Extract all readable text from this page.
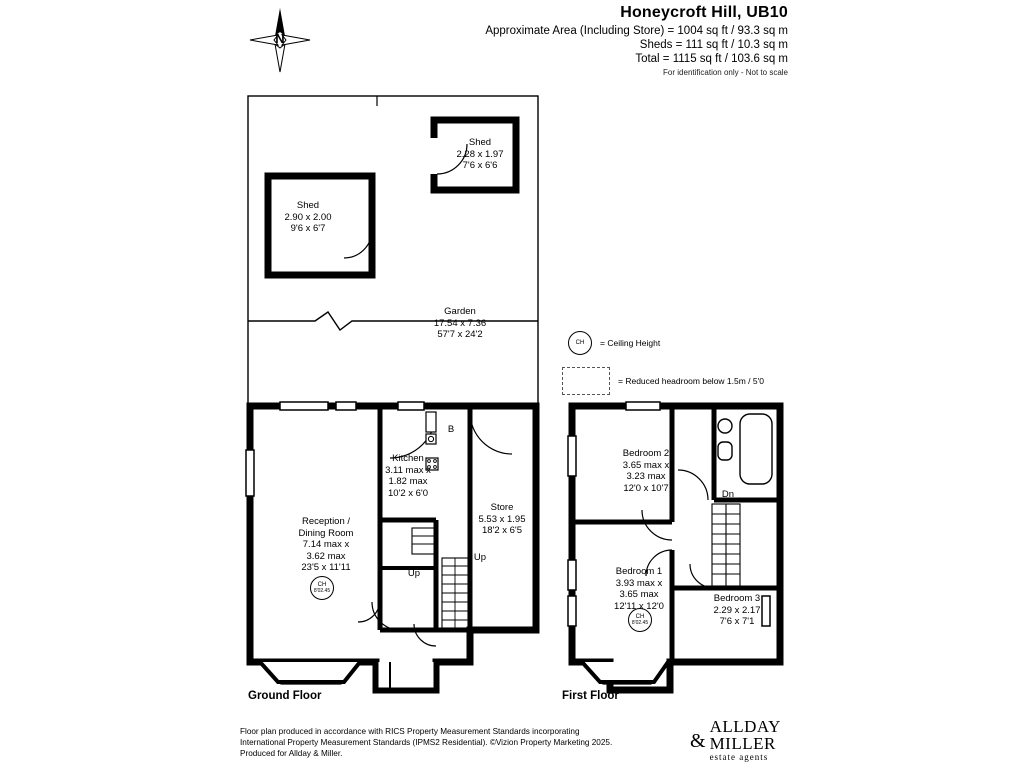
Honeycroft Hill, UB10
Approximate Area (Including Store) = 1004 sq ft / 93.3 sq m
Sheds = 111 sq ft / 10.3 sq m
Total = 1115 sq ft / 103.6 sq m
For identification only - Not to scale
N
Shed
2.90 x 2.00
9'6 x 6'7
Shed
2.28 x 1.97
7'6 x 6'6
Garden
17.54 x 7.36
57'7 x 24'2
CH = Ceiling Height
= Reduced headroom below 1.5m / 5'0
Kitchen
3.11 max x
1.82 max
10'2 x 6'0
Reception /
Dining Room
7.14 max x
3.62 max
23'5 x 11'11
Store
5.53 x 1.95
18'2 x 6'5
B
Up
Up
CH
8'02.45
Ground Floor
Bedroom 2
3.65 max x
3.23 max
12'0 x 10'7
Bedroom 1
3.93 max x
3.65 max
12'11 x 12'0
Bedroom 3
2.29 x 2.17
7'6 x 7'1
Dn
CH
8'02.45
First Floor
Floor plan produced in accordance with RICS Property Measurement Standards incorporating
International Property Measurement Standards (IPMS2 Residential). ©Vizion Property Marketing 2025.
Produced for Allday & Miller.
&
ALLDAY
MILLER
estate agents
